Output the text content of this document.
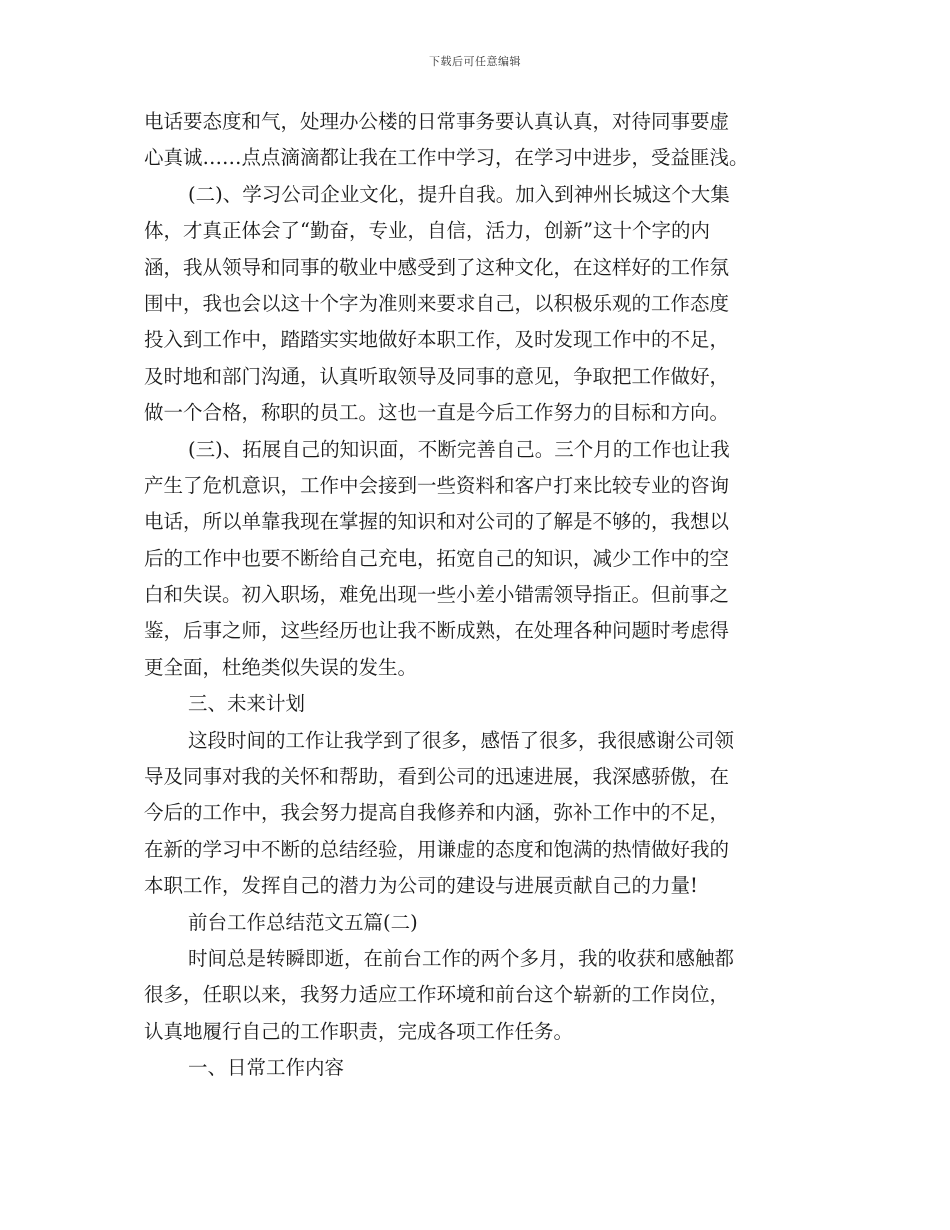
下载后可任意编辑
电话要态度和气，处理办公楼的日常事务要认真认真，对待同事要虚
心真诚……点点滴滴都让我在工作中学习，在学习中进步，受益匪浅。
(二)、学习公司企业文化，提升自我。加入到神州长城这个大集
体，才真正体会了“勤奋，专业，自信，活力，创新”这十个字的内
涵，我从领导和同事的敬业中感受到了这种文化，在这样好的工作氛
围中，我也会以这十个字为准则来要求自己，以积极乐观的工作态度
投入到工作中，踏踏实实地做好本职工作，及时发现工作中的不足，
及时地和部门沟通，认真听取领导及同事的意见，争取把工作做好，
做一个合格，称职的员工。这也一直是今后工作努力的目标和方向。
(三)、拓展自己的知识面，不断完善自己。三个月的工作也让我
产生了危机意识，工作中会接到一些资料和客户打来比较专业的咨询
电话，所以单靠我现在掌握的知识和对公司的了解是不够的，我想以
后的工作中也要不断给自己充电，拓宽自己的知识，减少工作中的空
白和失误。初入职场，难免出现一些小差小错需领导指正。但前事之
鉴，后事之师，这些经历也让我不断成熟，在处理各种问题时考虑得
更全面，杜绝类似失误的发生。
三、未来计划
这段时间的工作让我学到了很多，感悟了很多，我很感谢公司领
导及同事对我的关怀和帮助，看到公司的迅速进展，我深感骄傲，在
今后的工作中，我会努力提高自我修养和内涵，弥补工作中的不足，
在新的学习中不断的总结经验，用谦虚的态度和饱满的热情做好我的
本职工作，发挥自己的潜力为公司的建设与进展贡献自己的力量!
前台工作总结范文五篇(二)
时间总是转瞬即逝，在前台工作的两个多月，我的收获和感触都
很多，任职以来，我努力适应工作环境和前台这个崭新的工作岗位，
认真地履行自己的工作职责，完成各项工作任务。
一、日常工作内容
